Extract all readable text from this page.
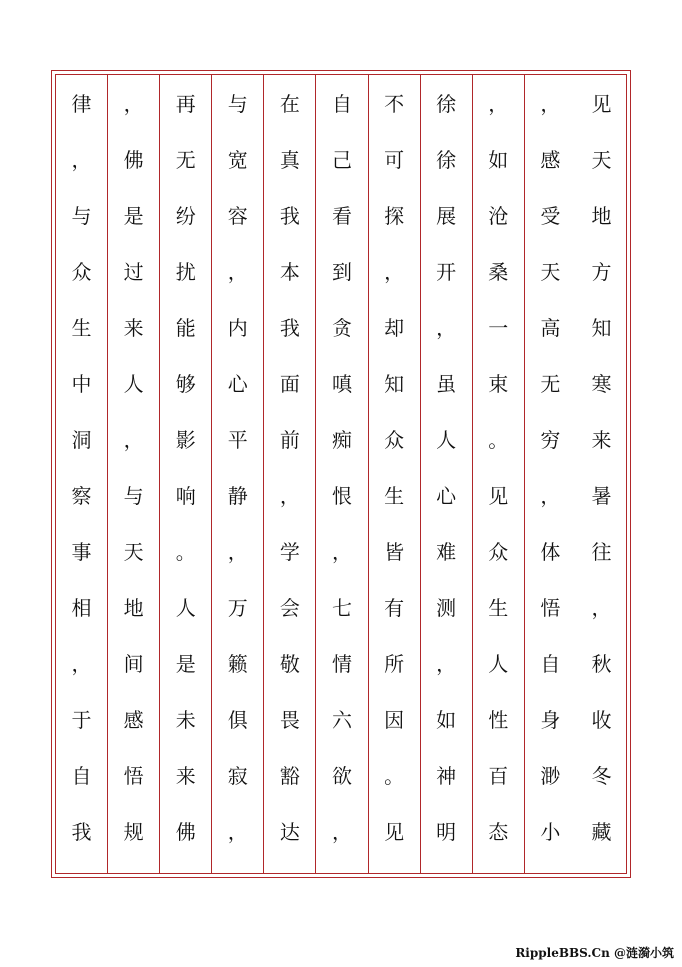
见
天
地
方
知
寒
来
暑
往
，
秋
收
冬
藏
，
感
受
天
高
无
穷
，
体
悟
自
身
渺
小
，
如
沧
桑
一
束
。
见
众
生
人
性
百
态
徐
徐
展
开
，
虽
人
心
难
测
，
如
神
明
不
可
探
，
却
知
众
生
皆
有
所
因
。
见
自
己
看
到
贪
嗔
痴
恨
，
七
情
六
欲
，
在
真
我
本
我
面
前
，
学
会
敬
畏
豁
达
与
宽
容
，
内
心
平
静
，
万
籁
俱
寂
，
再
无
纷
扰
能
够
影
响
。
人
是
未
来
佛
，
佛
是
过
来
人
，
与
天
地
间
感
悟
规
律
，
与
众
生
中
洞
察
事
相
，
于
自
我
RippleBBS.Cn @涟漪小筑
